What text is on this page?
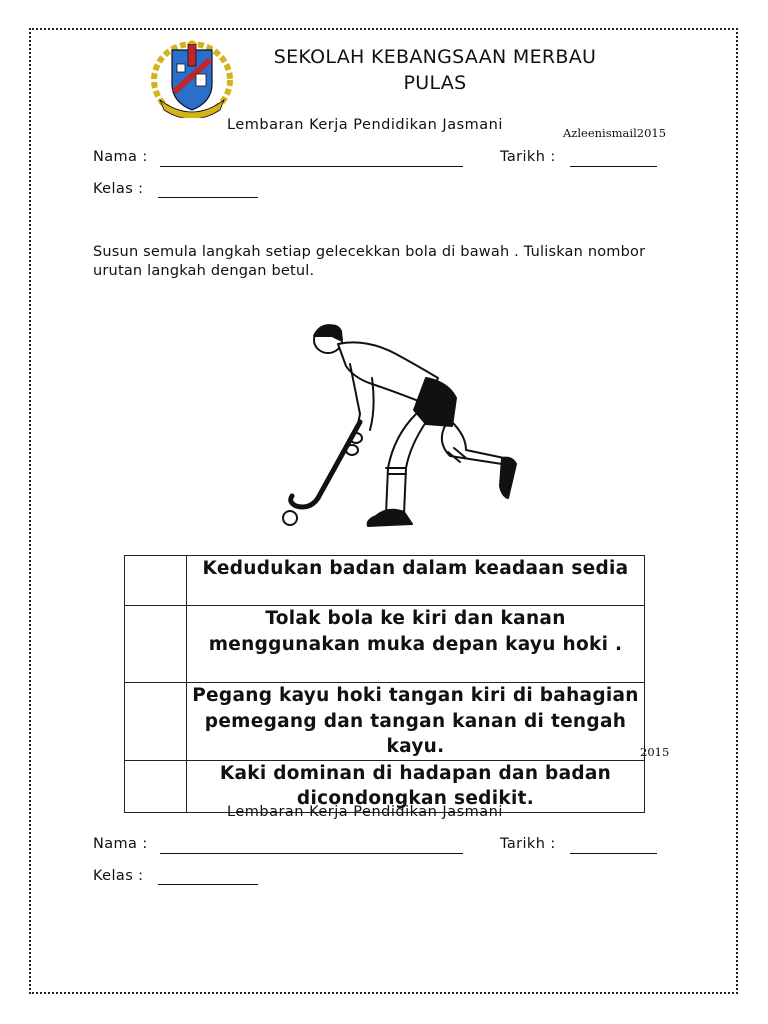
SEKOLAH KEBANGSAAN MERBAU
PULAS
Lembaran Kerja Pendidikan Jasmani	Azleenismail2015
Nama :	Tarikh :
Kelas :
Susun semula langkah setiap gelecekkan bola di bawah . Tuliskan nombor urutan langkah dengan betul.
	Kedudukan badan dalam keadaan sedia
	Tolak bola ke kiri dan kanan menggunakan muka depan kayu hoki .
	Pegang kayu hoki tangan kiri di bahagian pemegang dan tangan kanan di tengah kayu.
	Kaki dominan di hadapan dan badan dicondongkan sedikit.
2015
Lembaran Kerja Pendidikan Jasmani
Nama :	Tarikh :
Kelas :
